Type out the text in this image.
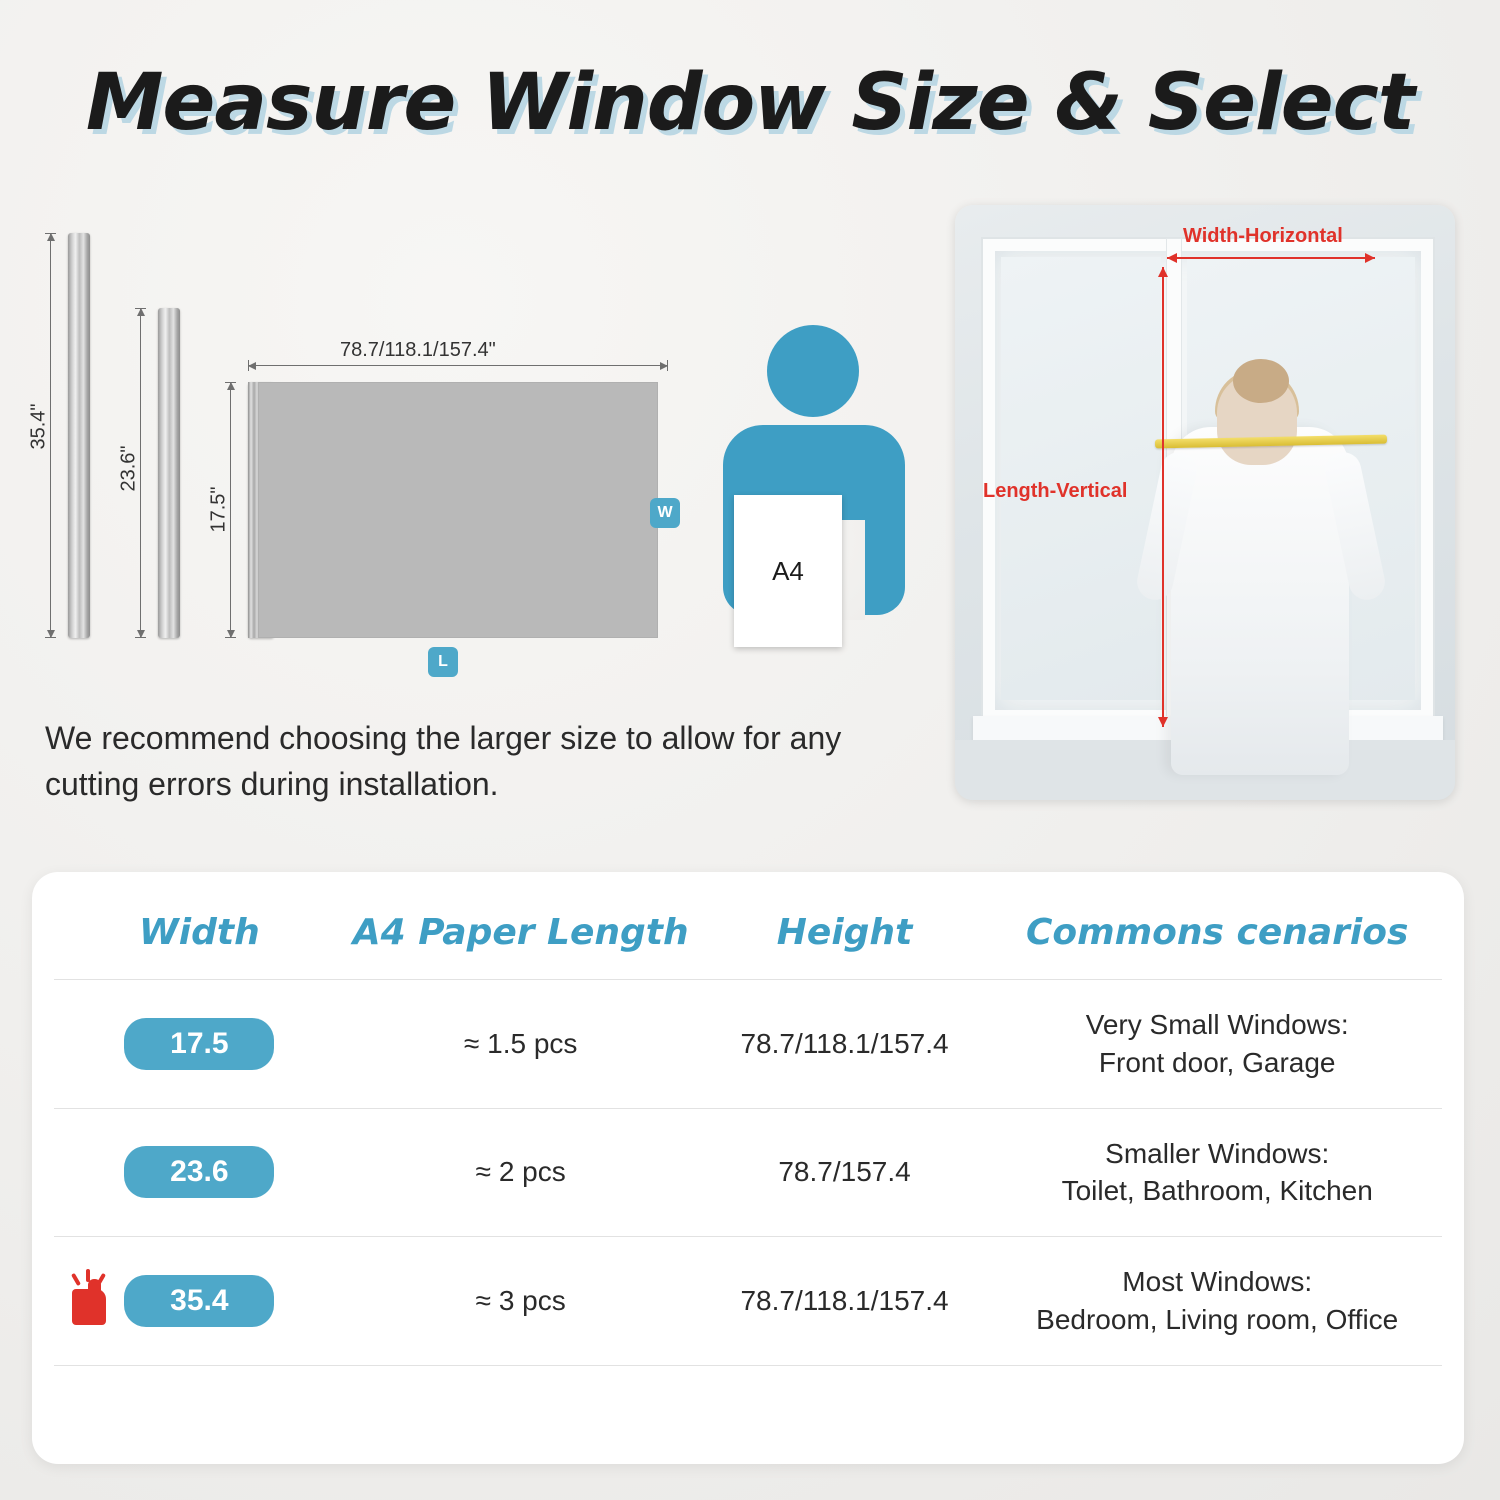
Measure Window Size & Select
35.4"
23.6"
17.5"
78.7/118.1/157.4"
W
L
A4
We recommend choosing the larger size to allow for any cutting errors during installation.
Width-Horizontal
Length-Vertical
Width	A4 Paper Length	Height	Commons cenarios
17.5	≈ 1.5 pcs	78.7/118.1/157.4	Very Small Windows:
Front door, Garage

23.6	≈ 2 pcs	78.7/157.4	Smaller Windows:
Toilet, Bathroom, Kitchen

35.4	≈ 3 pcs	78.7/118.1/157.4	Most Windows:
Bedroom, Living room, Office
